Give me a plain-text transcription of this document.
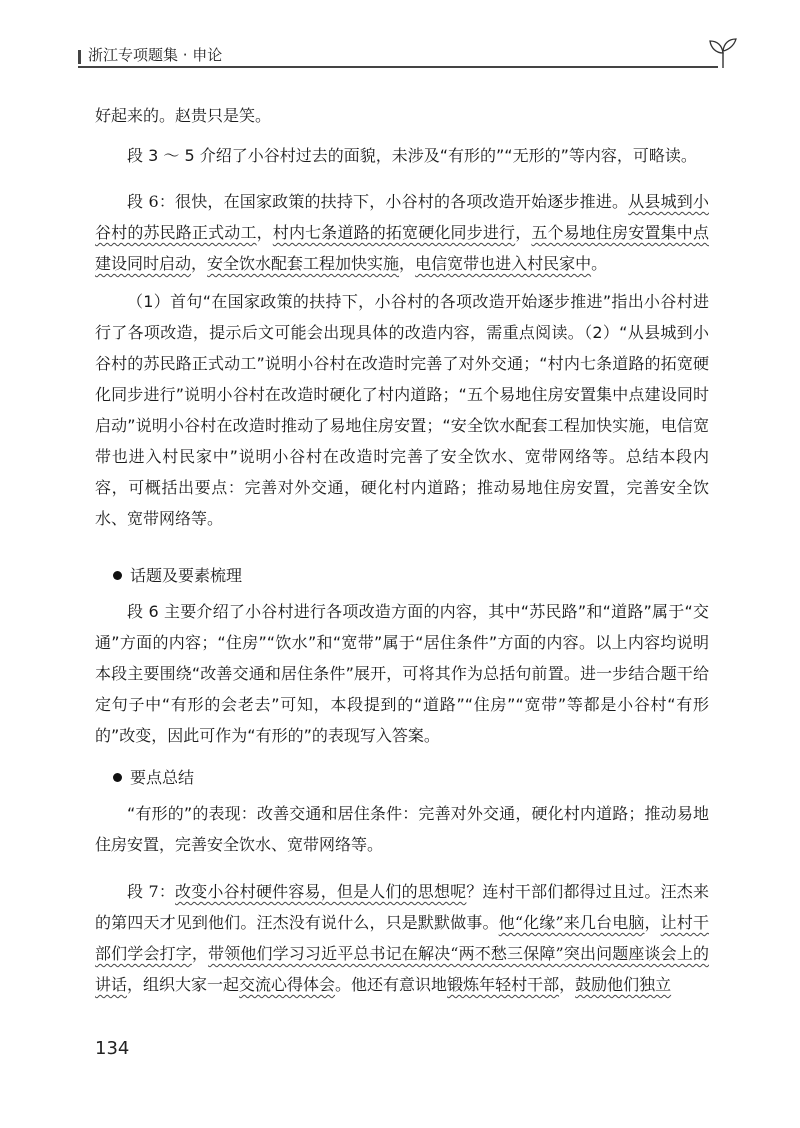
浙江专项题集 · 申论

好起来的。赵贵只是笑。

段 3 ～ 5 介绍了小谷村过去的面貌，未涉及“有形的”“无形的”等内容，可略读。

段 6：很快，在国家政策的扶持下，小谷村的各项改造开始逐步推进。从县城到小谷村的苏民路正式动工，村内七条道路的拓宽硬化同步进行，五个易地住房安置集中点建设同时启动，安全饮水配套工程加快实施，电信宽带也进入村民家中。

（1）首句“在国家政策的扶持下，小谷村的各项改造开始逐步推进”指出小谷村进行了各项改造，提示后文可能会出现具体的改造内容，需重点阅读。（2）“从县城到小谷村的苏民路正式动工”说明小谷村在改造时完善了对外交通；“村内七条道路的拓宽硬化同步进行”说明小谷村在改造时硬化了村内道路；“五个易地住房安置集中点建设同时启动”说明小谷村在改造时推动了易地住房安置；“安全饮水配套工程加快实施，电信宽带也进入村民家中”说明小谷村在改造时完善了安全饮水、宽带网络等。总结本段内容，可概括出要点：完善对外交通，硬化村内道路；推动易地住房安置，完善安全饮水、宽带网络等。

话题及要素梳理

段 6 主要介绍了小谷村进行各项改造方面的内容，其中“苏民路”和“道路”属于“交通”方面的内容；“住房”“饮水”和“宽带”属于“居住条件”方面的内容。以上内容均说明本段主要围绕“改善交通和居住条件”展开，可将其作为总括句前置。进一步结合题干给定句子中“有形的会老去”可知，本段提到的“道路”“住房”“宽带”等都是小谷村“有形的”改变，因此可作为“有形的”的表现写入答案。

要点总结

“有形的”的表现：改善交通和居住条件：完善对外交通，硬化村内道路；推动易地住房安置，完善安全饮水、宽带网络等。

段 7：改变小谷村硬件容易，但是人们的思想呢？连村干部们都得过且过。汪杰来的第四天才见到他们。汪杰没有说什么，只是默默做事。他“化缘”来几台电脑，让村干部们学会打字，带领他们学习习近平总书记在解决“两不愁三保障”突出问题座谈会上的讲话，组织大家一起交流心得体会。他还有意识地锻炼年轻村干部，鼓励他们独立

134
